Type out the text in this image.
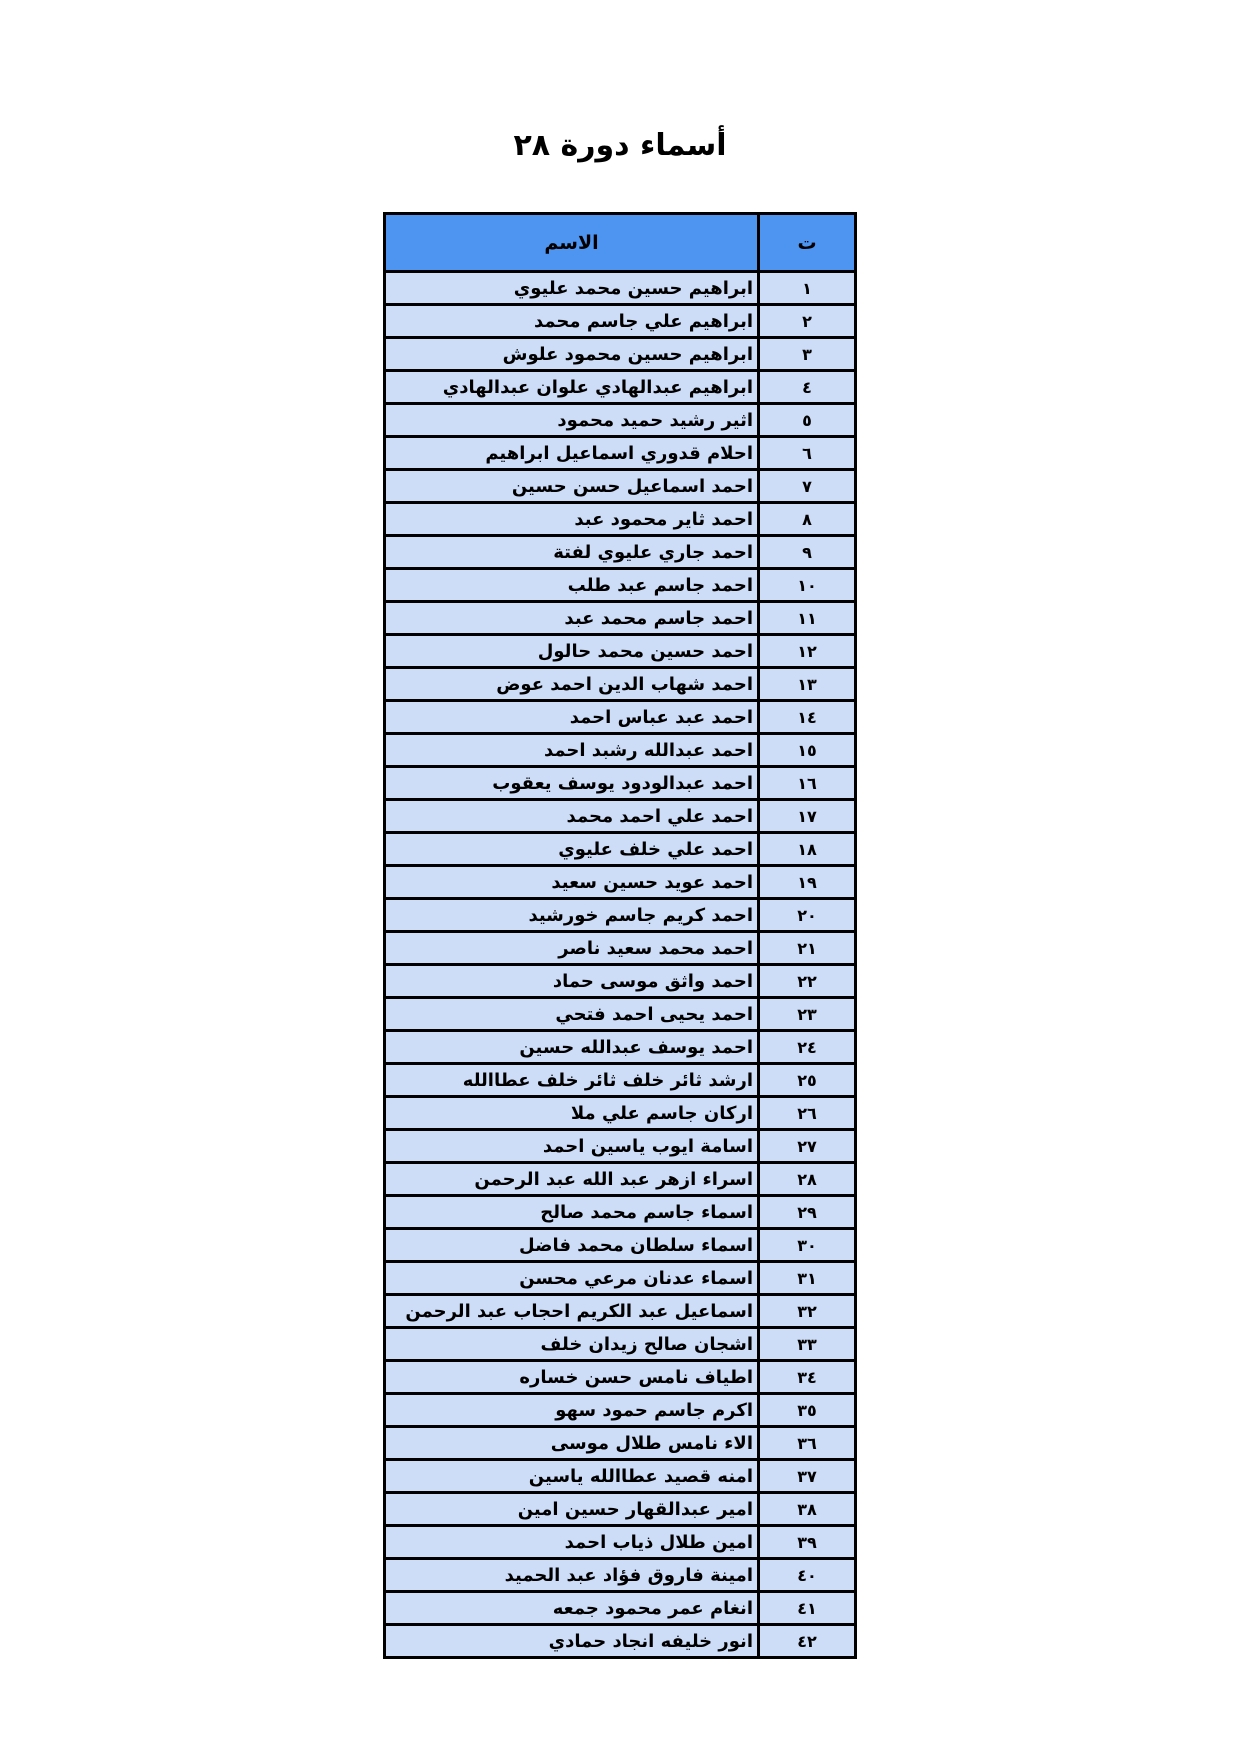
أسماء دورة ٢٨
ت	الاسم
١	ابراهيم حسين محمد عليوي
٢	ابراهيم علي جاسم محمد
٣	ابراهيم حسين محمود علوش
٤	ابراهيم عبدالهادي علوان عبدالهادي
٥	اثير رشيد حميد محمود
٦	احلام قدوري اسماعيل ابراهيم
٧	احمد اسماعيل حسن حسين
٨	احمد ثاير محمود عبد
٩	احمد جاري عليوي لفتة
١٠	احمد جاسم عبد طلب
١١	احمد جاسم محمد عبد
١٢	احمد حسين محمد حالول
١٣	احمد شهاب الدين احمد عوض
١٤	احمد عبد عباس احمد
١٥	احمد عبدالله رشبد احمد
١٦	احمد عبدالودود يوسف يعقوب
١٧	احمد علي احمد محمد
١٨	احمد علي خلف عليوي
١٩	احمد عويد حسين سعيد
٢٠	احمد كريم جاسم خورشيد
٢١	احمد محمد سعيد ناصر
٢٢	احمد واثق موسى حماد
٢٣	احمد يحيى احمد فتحي
٢٤	احمد يوسف عبدالله حسين
٢٥	ارشد ثائر خلف ثائر خلف عطاالله
٢٦	اركان جاسم علي ملا
٢٧	اسامة ايوب ياسين احمد
٢٨	اسراء ازهر عبد الله عبد الرحمن
٢٩	اسماء جاسم محمد صالح
٣٠	اسماء سلطان محمد فاضل
٣١	اسماء عدنان مرعي محسن
٣٢	اسماعيل عبد الكريم احجاب عبد الرحمن
٣٣	اشجان صالح زيدان خلف
٣٤	اطياف نامس حسن خساره
٣٥	اكرم جاسم حمود سهو
٣٦	الاء نامس طلال موسى
٣٧	امنه قصيد عطاالله ياسين
٣٨	امير عبدالقهار حسين امين
٣٩	امين طلال ذياب احمد
٤٠	امينة فاروق فؤاد عبد الحميد
٤١	انغام عمر محمود جمعه
٤٢	انور خليفه انجاد حمادي
